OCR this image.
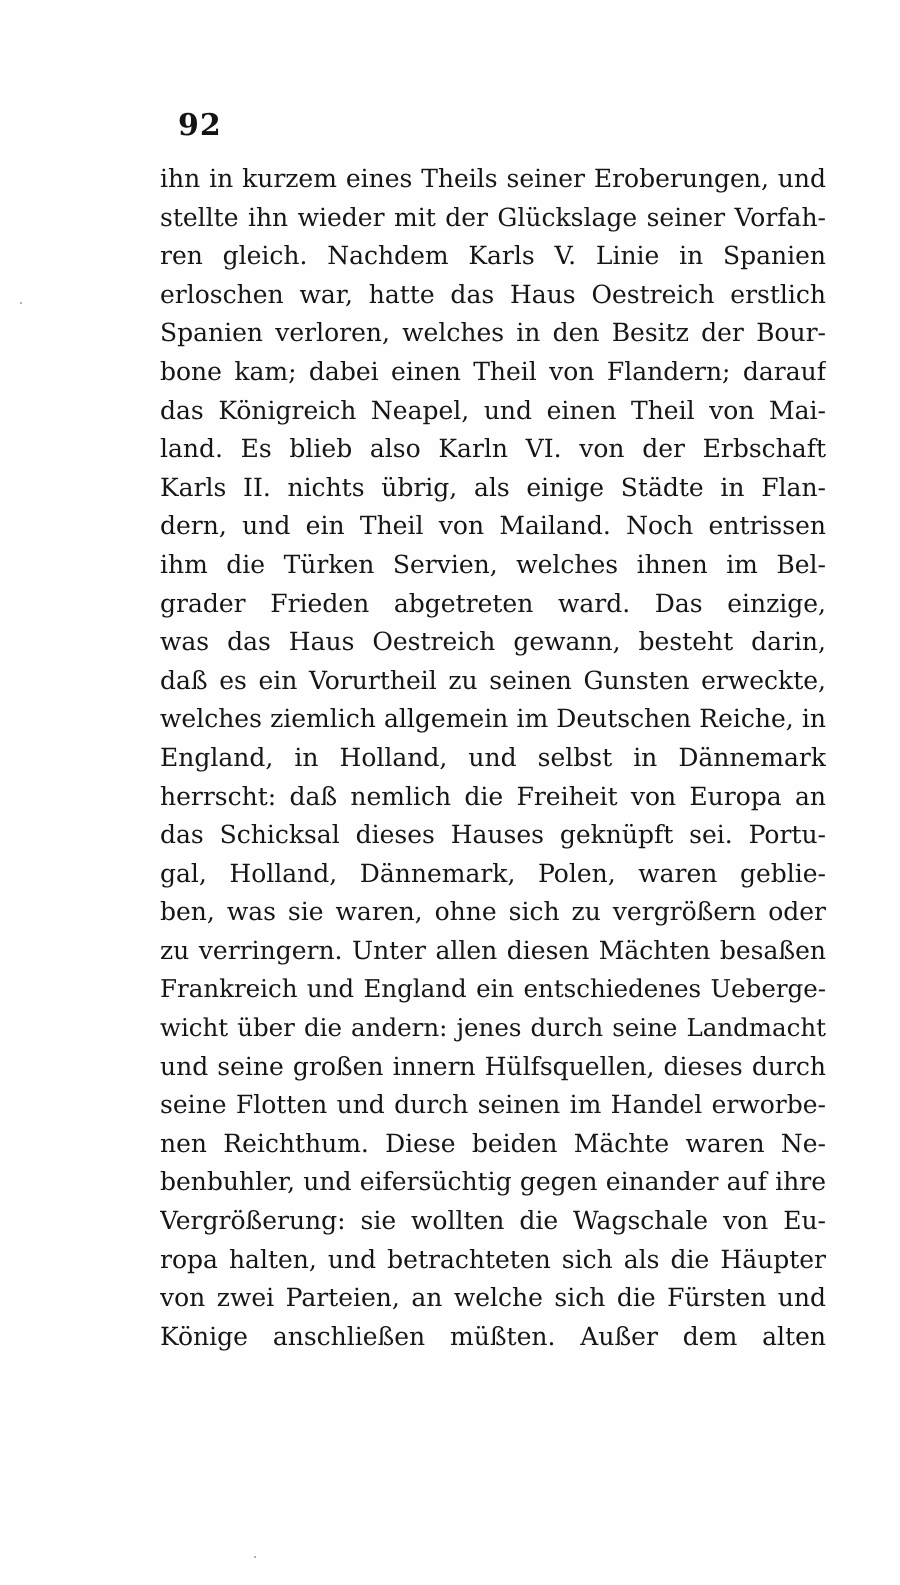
92
ihn in kurzem eines Theils seiner Eroberungen, und
stellte ihn wieder mit der Glückslage seiner Vorfah-
ren gleich. Nachdem Karls V. Linie in Spanien
erloschen war, hatte das Haus Oestreich erstlich
Spanien verloren, welches in den Besitz der Bour-
bone kam; dabei einen Theil von Flandern; darauf
das Königreich Neapel, und einen Theil von Mai-
land. Es blieb also Karln VI. von der Erbschaft
Karls II. nichts übrig, als einige Städte in Flan-
dern, und ein Theil von Mailand. Noch entrissen
ihm die Türken Servien, welches ihnen im Bel-
grader Frieden abgetreten ward. Das einzige,
was das Haus Oestreich gewann, besteht darin,
daß es ein Vorurtheil zu seinen Gunsten erweckte,
welches ziemlich allgemein im Deutschen Reiche, in
England, in Holland, und selbst in Dännemark
herrscht: daß nemlich die Freiheit von Europa an
das Schicksal dieses Hauses geknüpft sei. Portu-
gal, Holland, Dännemark, Polen, waren geblie-
ben, was sie waren, ohne sich zu vergrößern oder
zu verringern. Unter allen diesen Mächten besaßen
Frankreich und England ein entschiedenes Ueberge-
wicht über die andern: jenes durch seine Landmacht
und seine großen innern Hülfsquellen, dieses durch
seine Flotten und durch seinen im Handel erworbe-
nen Reichthum. Diese beiden Mächte waren Ne-
benbuhler, und eifersüchtig gegen einander auf ihre
Vergrößerung: sie wollten die Wagschale von Eu-
ropa halten, und betrachteten sich als die Häupter
von zwei Parteien, an welche sich die Fürsten und
Könige anschließen müßten. Außer dem alten
